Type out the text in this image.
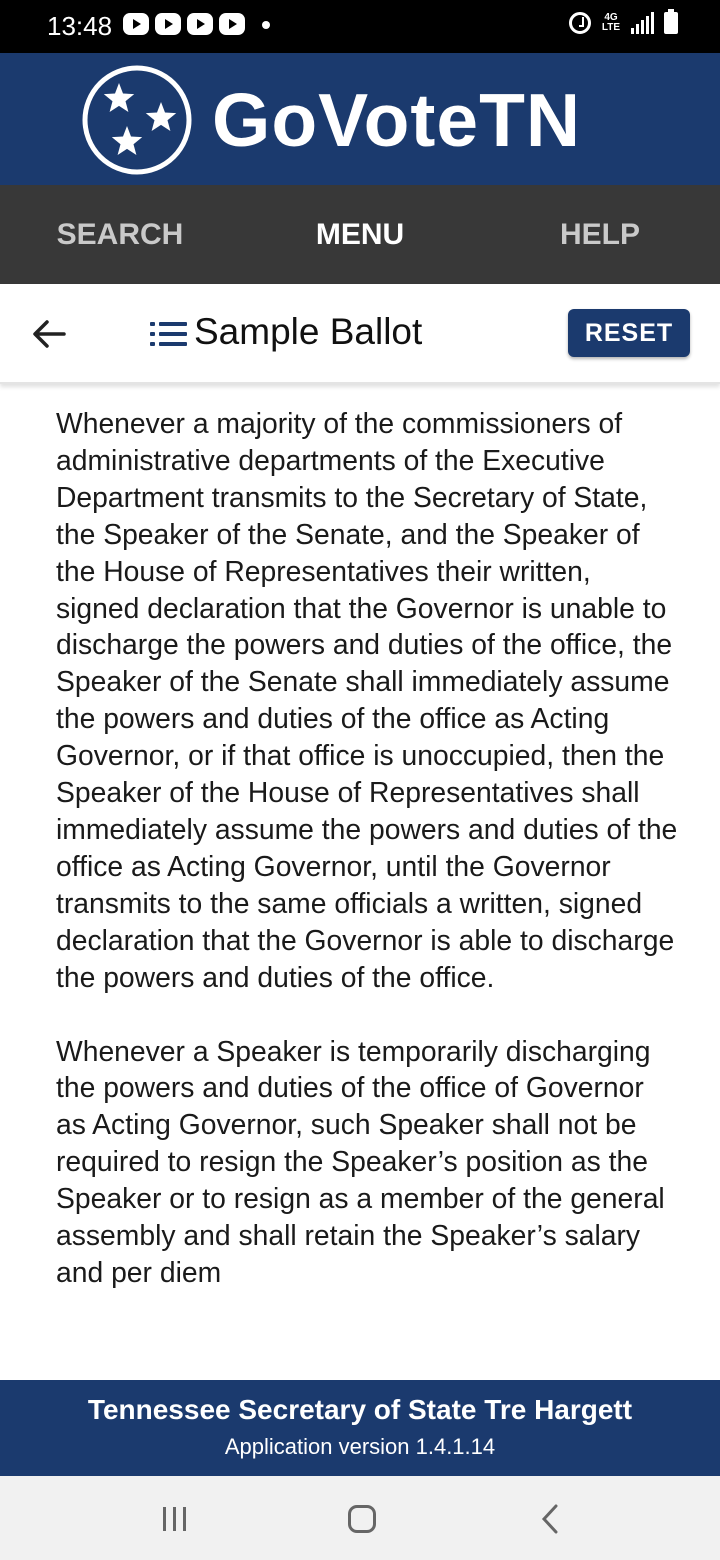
13:48	4G
LTE
GoVoteTN
SEARCH	MENU	HELP
Sample Ballot	RESET

Whenever a majority of the commissioners of administrative departments of the Executive Department transmits to the Secretary of State, the Speaker of the Senate, and the Speaker of the House of Representatives their written, signed declaration that the Governor is unable to discharge the powers and duties of the office, the Speaker of the Senate shall immediately assume the powers and duties of the office as Acting Governor, or if that office is unoccupied, then the Speaker of the House of Representatives shall immediately assume the powers and duties of the office as Acting Governor, until the Governor transmits to the same officials a written, signed declaration that the Governor is able to discharge the powers and duties of the office.

Whenever a Speaker is temporarily discharging the powers and duties of the office of Governor as Acting Governor, such Speaker shall not be required to resign the Speaker’s position as the Speaker or to resign as a member of the general assembly and shall retain the Speaker’s salary and per diem

Tennessee Secretary of State Tre Hargett
Application version 1.4.1.14
